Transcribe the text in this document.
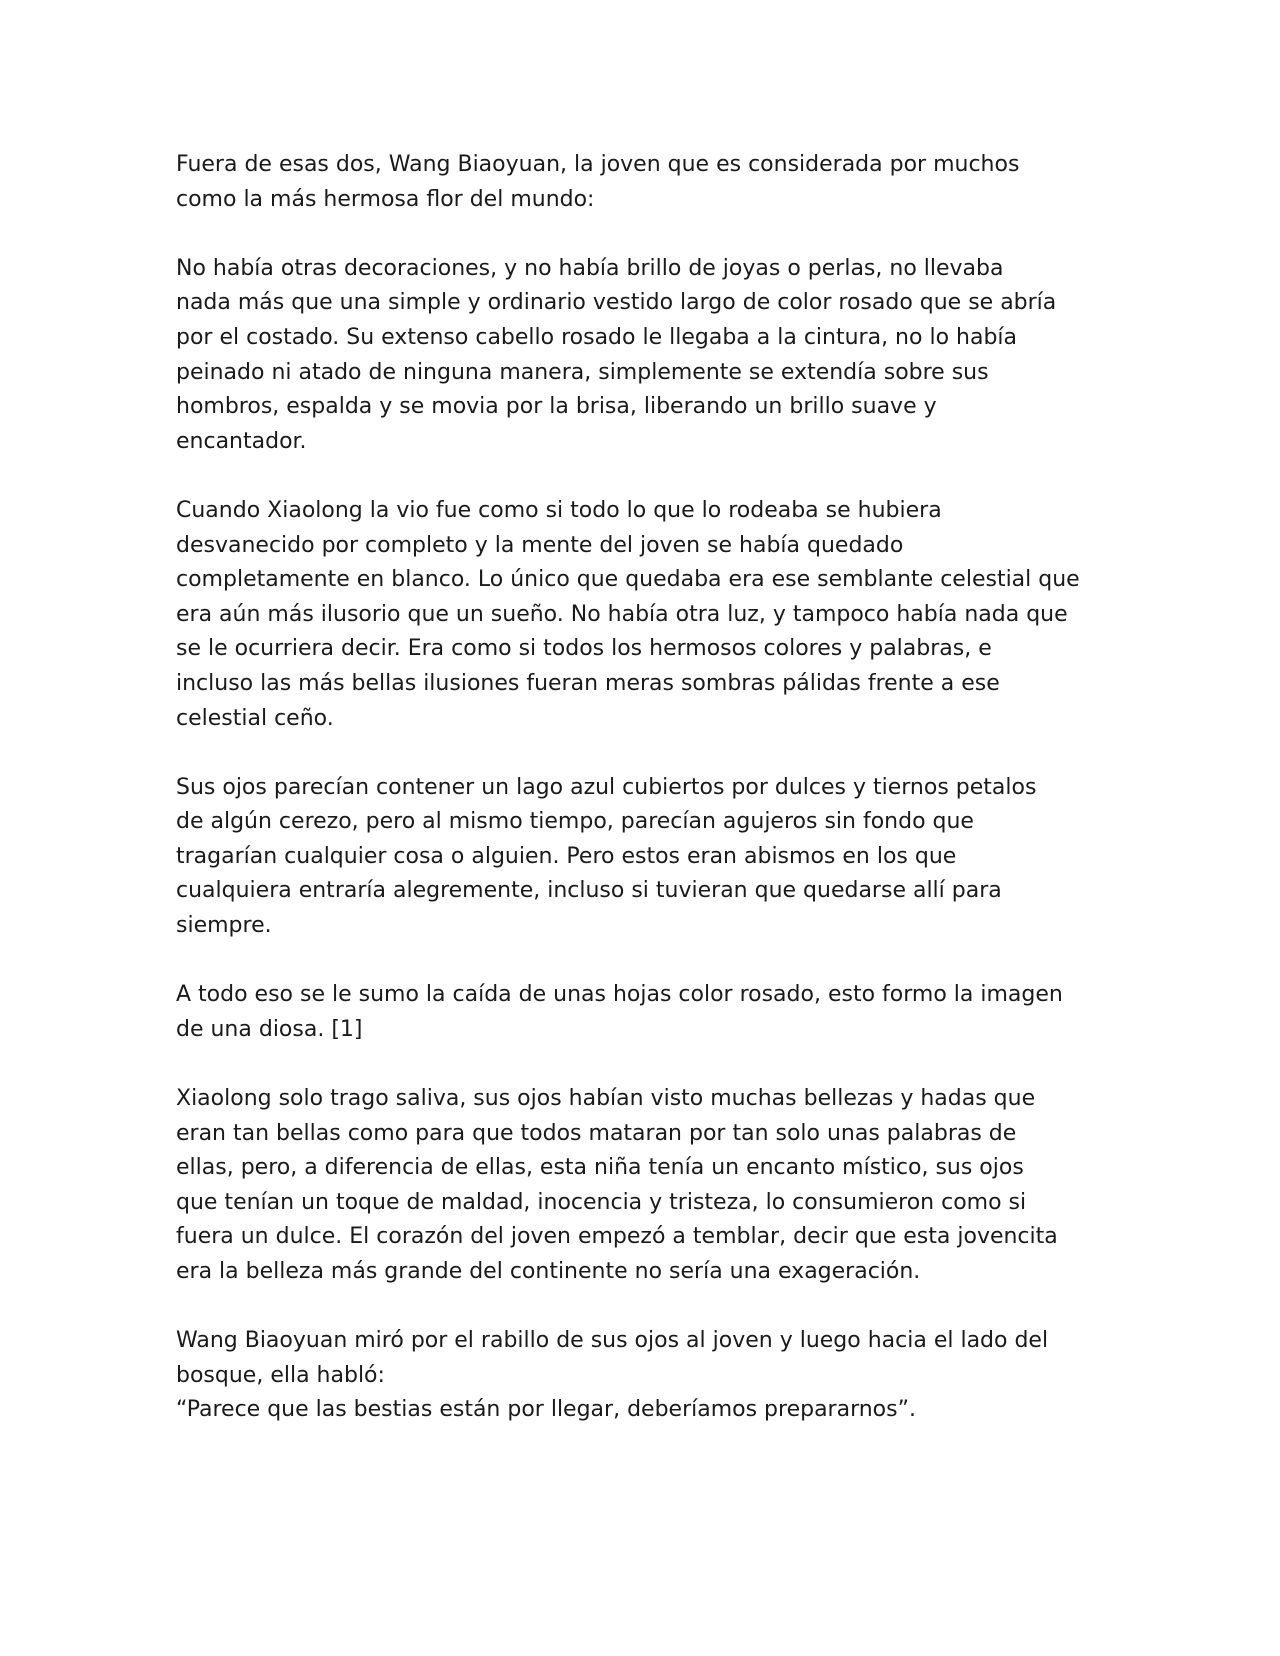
Fuera de esas dos, Wang Biaoyuan, la joven que es considerada por muchos
como la más hermosa flor del mundo:

No había otras decoraciones, y no había brillo de joyas o perlas, no llevaba
nada más que una simple y ordinario vestido largo de color rosado que se abría
por el costado. Su extenso cabello rosado le llegaba a la cintura, no lo había
peinado ni atado de ninguna manera, simplemente se extendía sobre sus
hombros, espalda y se movia por la brisa, liberando un brillo suave y
encantador.

Cuando Xiaolong la vio fue como si todo lo que lo rodeaba se hubiera
desvanecido por completo y la mente del joven se había quedado
completamente en blanco. Lo único que quedaba era ese semblante celestial que
era aún más ilusorio que un sueño. No había otra luz, y tampoco había nada que
se le ocurriera decir. Era como si todos los hermosos colores y palabras, e
incluso las más bellas ilusiones fueran meras sombras pálidas frente a ese
celestial ceño.

Sus ojos parecían contener un lago azul cubiertos por dulces y tiernos petalos
de algún cerezo, pero al mismo tiempo, parecían agujeros sin fondo que
tragarían cualquier cosa o alguien. Pero estos eran abismos en los que
cualquiera entraría alegremente, incluso si tuvieran que quedarse allí para
siempre.

A todo eso se le sumo la caída de unas hojas color rosado, esto formo la imagen
de una diosa. [1]

Xiaolong solo trago saliva, sus ojos habían visto muchas bellezas y hadas que
eran tan bellas como para que todos mataran por tan solo unas palabras de
ellas, pero, a diferencia de ellas, esta niña tenía un encanto místico, sus ojos
que tenían un toque de maldad, inocencia y tristeza, lo consumieron como si
fuera un dulce. El corazón del joven empezó a temblar, decir que esta jovencita
era la belleza más grande del continente no sería una exageración.

Wang Biaoyuan miró por el rabillo de sus ojos al joven y luego hacia el lado del
bosque, ella habló:
“Parece que las bestias están por llegar, deberíamos prepararnos”.
